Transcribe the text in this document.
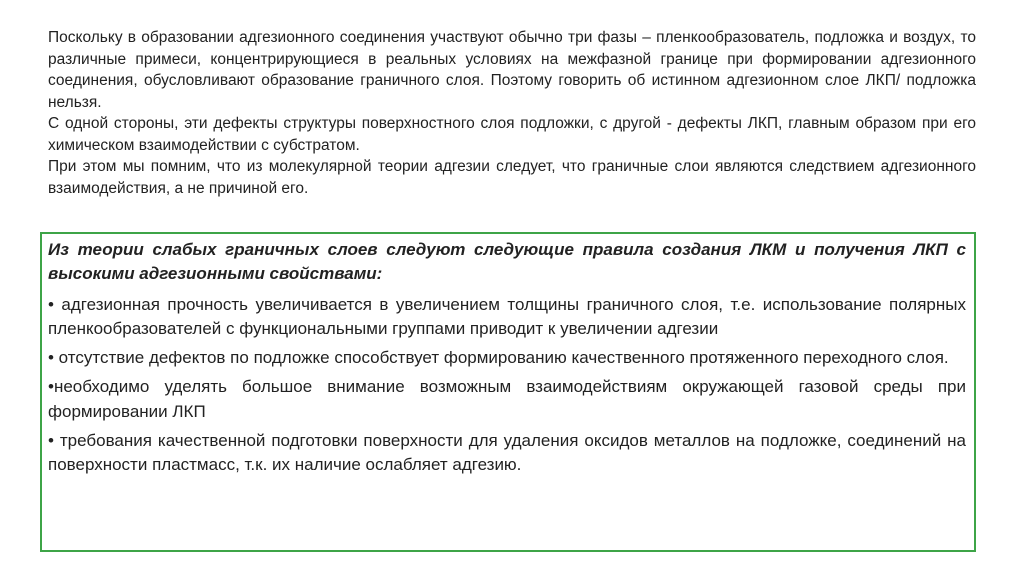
Поскольку в образовании адгезионного соединения участвуют обычно три фазы – пленкообразователь, подложка и воздух, то различные примеси, концентрирующиеся в реальных условиях на межфазной границе при формировании адгезионного соединения, обусловливают образование граничного слоя. Поэтому говорить об истинном адгезионном слое ЛКП/ подложка нельзя.

С одной стороны, эти дефекты структуры поверхностного слоя подложки, с другой - дефекты ЛКП, главным образом при его химическом взаимодействии с субстратом.

При этом мы помним, что из молекулярной теории адгезии следует, что граничные слои являются следствием адгезионного взаимодействия, а не причиной его.

Из теории слабых граничных слоев следуют следующие правила создания ЛКМ и получения ЛКП с высокими адгезионными свойствами:

• адгезионная прочность увеличивается в увеличением толщины граничного слоя, т.е. использование полярных пленкообразователей с функциональными группами приводит к увеличении адгезии

• отсутствие дефектов по подложке способствует формированию качественного протяженного переходного слоя.

•необходимо уделять большое внимание возможным взаимодействиям окружающей газовой среды при формировании ЛКП

• требования качественной подготовки поверхности для удаления оксидов металлов на подложке, соединений на поверхности пластмасс, т.к. их наличие ослабляет адгезию.
